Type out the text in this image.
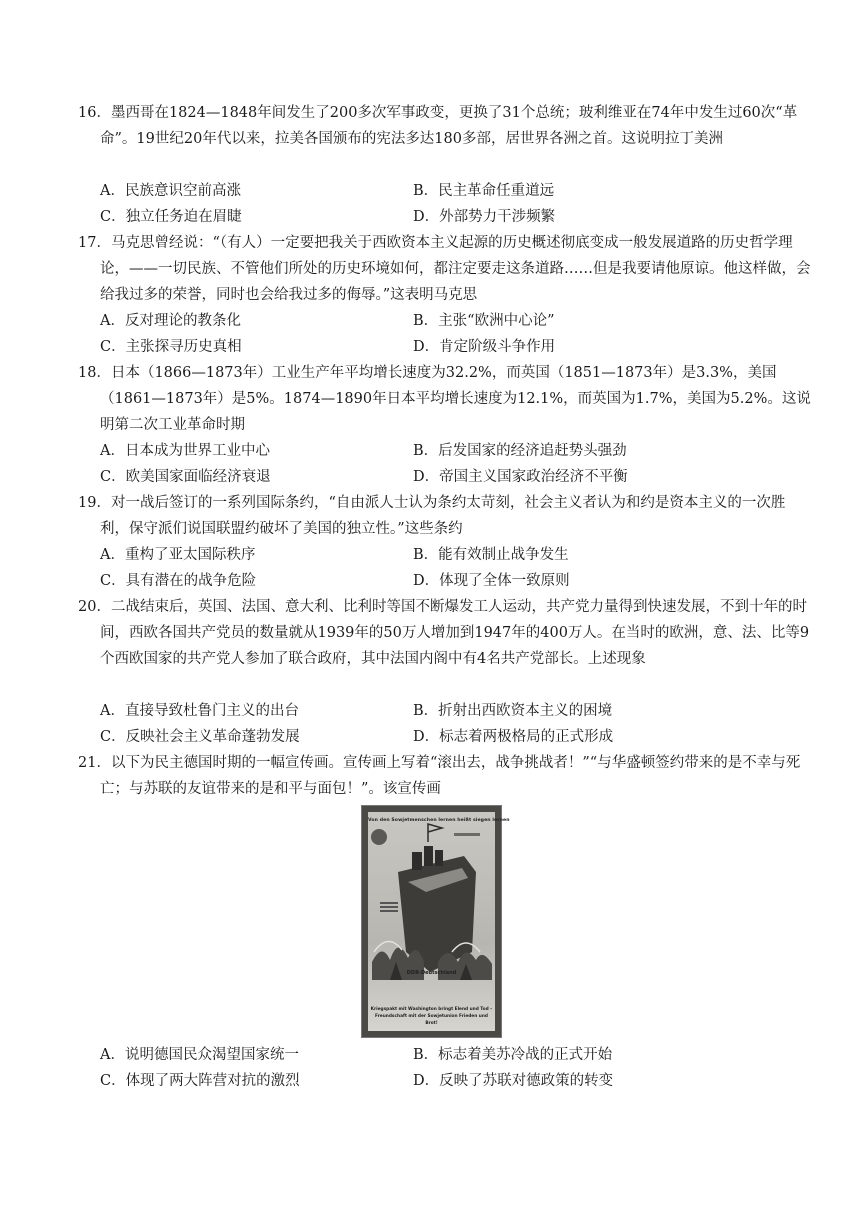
16．墨西哥在1824—1848年间发生了200多次军事政变，更换了31个总统；玻利维亚在74年中发生过60次“革命”。19世纪20年代以来，拉美各国颁布的宪法多达180多部，居世界各洲之首。这说明拉丁美洲
A．民族意识空前高涨	B．民主革命任重道远
C．独立任务迫在眉睫	D．外部势力干涉频繁
17．马克思曾经说：“（有人）一定要把我关于西欧资本主义起源的历史概述彻底变成一般发展道路的历史哲学理论，——一切民族、不管他们所处的历史环境如何，都注定要走这条道路……但是我要请他原谅。他这样做，会给我过多的荣誉，同时也会给我过多的侮辱。”这表明马克思
A．反对理论的教条化	B．主张“欧洲中心论”
C．主张探寻历史真相	D．肯定阶级斗争作用
18．日本（1866—1873年）工业生产年平均增长速度为32.2%，而英国（1851—1873年）是3.3%，美国（1861—1873年）是5%。1874—1890年日本平均增长速度为12.1%，而英国为1.7%，美国为5.2%。这说明第二次工业革命时期
A．日本成为世界工业中心	B．后发国家的经济追赶势头强劲
C．欧美国家面临经济衰退	D．帝国主义国家政治经济不平衡
19．对一战后签订的一系列国际条约，“自由派人士认为条约太苛刻，社会主义者认为和约是资本主义的一次胜利，保守派们说国联盟约破坏了美国的独立性。”这些条约
A．重构了亚太国际秩序	B．能有效制止战争发生
C．具有潜在的战争危险	D．体现了全体一致原则
20．二战结束后，英国、法国、意大利、比利时等国不断爆发工人运动，共产党力量得到快速发展，不到十年的时间，西欧各国共产党员的数量就从1939年的50万人增加到1947年的400万人。在当时的欧洲，意、法、比等9个西欧国家的共产党人参加了联合政府，其中法国内阁中有4名共产党部长。上述现象
A．直接导致杜鲁门主义的出台	B．折射出西欧资本主义的困境
C．反映社会主义革命蓬勃发展	D．标志着两极格局的正式形成
21．以下为民主德国时期的一幅宣传画。宣传画上写着“滚出去，战争挑战者！”“与华盛顿签约带来的是不幸与死亡；与苏联的友谊带来的是和平与面包！”。该宣传画
Von den Sowjetmenschen lernen heißt siegen lernen
DDR-Deutschland
Kriegspakt mit Washington bringt Elend und Tod –
Freundschaft mit der Sowjetunion Frieden und Brot!
A．说明德国民众渴望国家统一	B．标志着美苏冷战的正式开始
C．体现了两大阵营对抗的激烈	D．反映了苏联对德政策的转变
